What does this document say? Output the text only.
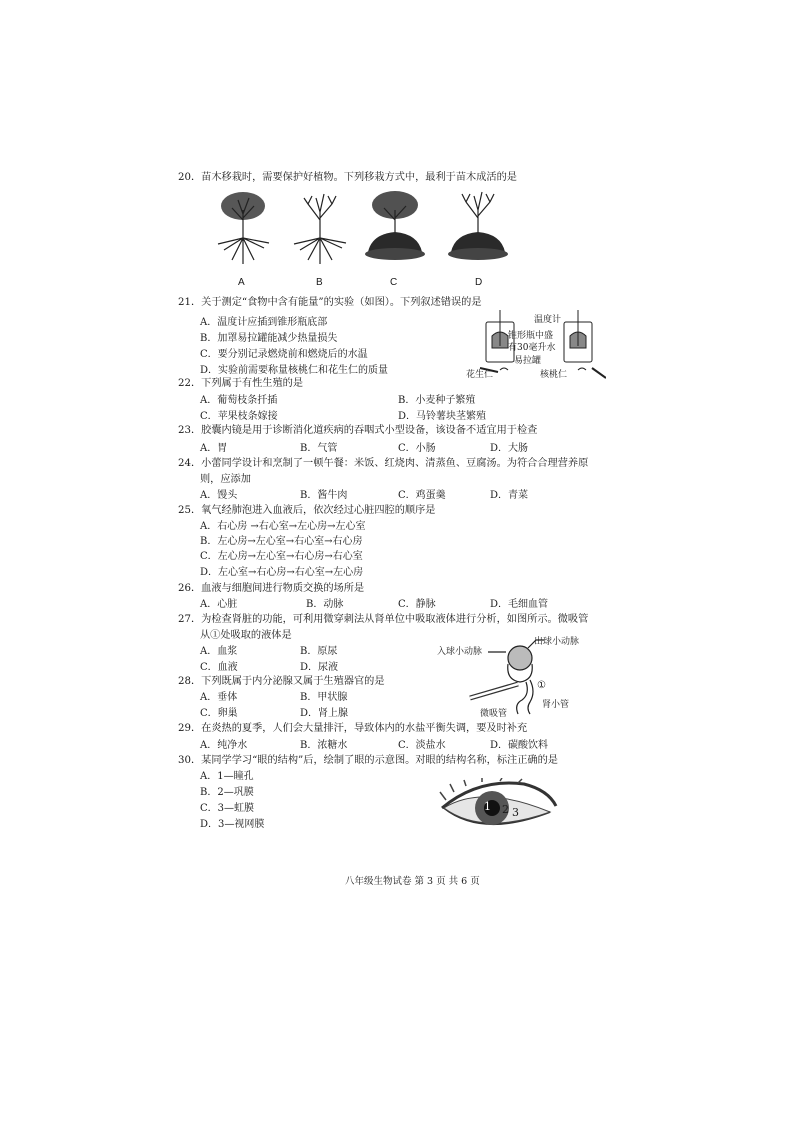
20．苗木移栽时，需要保护好植物。下列移栽方式中，最利于苗木成活的是
A	B	C	D
21．关于测定“食物中含有能量”的实验（如图）。下列叙述错误的是
A．温度计应插到锥形瓶底部
B．加罩易拉罐能减少热量损失
C．要分别记录燃烧前和燃烧后的水温
D．实验前需要称量核桃仁和花生仁的质量
温度计
锥形瓶中盛
有30毫升水
易拉罐
花生仁	核桃仁
22．下列属于有性生殖的是
A．葡萄枝条扦插	B．小麦种子繁殖
C．苹果枝条嫁接	D．马铃薯块茎繁殖
23．胶囊内镜是用于诊断消化道疾病的吞咽式小型设备，该设备不适宜用于检查
A．胃	B．气管	C．小肠	D．大肠
24．小蕾同学设计和烹制了一顿午餐：米饭、红烧肉、清蒸鱼、豆腐汤。为符合合理营养原
则，应添加
A．馒头	B．酱牛肉	C．鸡蛋羹	D．青菜
25．氧气经肺泡进入血液后，依次经过心脏四腔的顺序是
A．右心房 →右心室→左心房→左心室
B．左心房→左心室→右心室→右心房
C．左心房→左心室→右心房→右心室
D．左心室→右心房→右心室→左心房
26．血液与细胞间进行物质交换的场所是
A．心脏	B．动脉	C．静脉	D．毛细血管
27．为检查肾脏的功能，可利用微穿刺法从肾单位中吸取液体进行分析，如图所示。微吸管
从①处吸取的液体是
A．血浆	B．原尿
C．血液	D．尿液
入球小动脉
出球小动脉
①
肾小管
微吸管
28．下列既属于内分泌腺又属于生殖器官的是
A．垂体	B．甲状腺
C．卵巢	D．肾上腺
29．在炎热的夏季，人们会大量排汗，导致体内的水盐平衡失调，要及时补充
A．纯净水	B．浓糖水	C．淡盐水	D．碳酸饮料
30．某同学学习“眼的结构”后，绘制了眼的示意图。对眼的结构名称，标注正确的是
A．1—瞳孔
B．2—巩膜
C．3—虹膜
D．3—视网膜
1 2 3
八年级生物试卷 第 3 页 共 6 页
